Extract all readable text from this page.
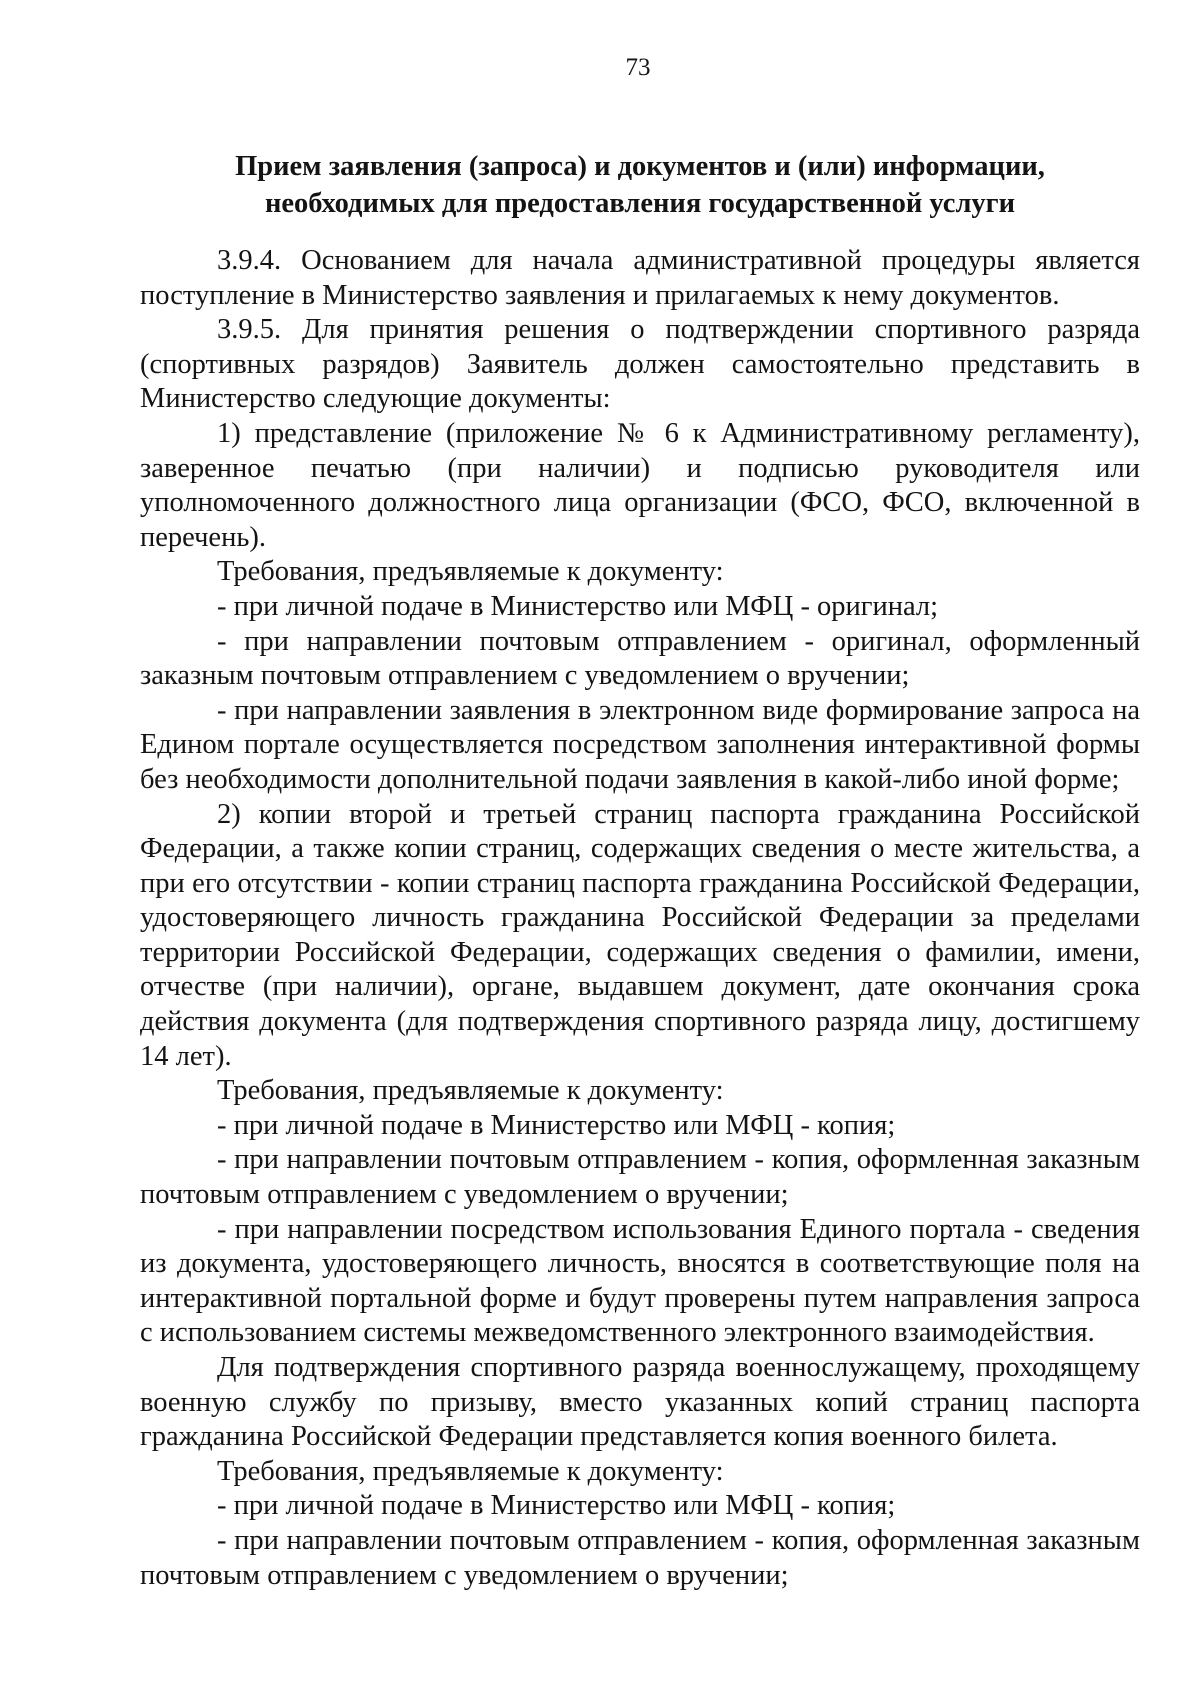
73
Прием заявления (запроса) и документов и (или) информации,
необходимых для предоставления государственной услуги

3.9.4. Основанием для начала административной процедуры является поступление в Министерство заявления и прилагаемых к нему документов.

3.9.5. Для принятия решения о подтверждении спортивного разряда (спортивных разрядов) Заявитель должен самостоятельно представить в Министерство следующие документы:

1) представление (приложение № 6 к Административному регламенту), заверенное печатью (при наличии) и подписью руководителя или уполномоченного должностного лица организации (ФСО, ФСО, включенной в перечень).

Требования, предъявляемые к документу:

- при личной подаче в Министерство или МФЦ - оригинал;

- при направлении почтовым отправлением - оригинал, оформленный заказным почтовым отправлением с уведомлением о вручении;

- при направлении заявления в электронном виде формирование запроса на Едином портале осуществляется посредством заполнения интерактивной формы без необходимости дополнительной подачи заявления в какой-либо иной форме;

2) копии второй и третьей страниц паспорта гражданина Российской Федерации, а также копии страниц, содержащих сведения о месте жительства, а при его отсутствии - копии страниц паспорта гражданина Российской Федерации, удостоверяющего личность гражданина Российской Федерации за пределами территории Российской Федерации, содержащих сведения о фамилии, имени, отчестве (при наличии), органе, выдавшем документ, дате окончания срока действия документа (для подтверждения спортивного разряда лицу, достигшему 14 лет).

Требования, предъявляемые к документу:

- при личной подаче в Министерство или МФЦ - копия;

- при направлении почтовым отправлением - копия, оформленная заказным почтовым отправлением с уведомлением о вручении;

- при направлении посредством использования Единого портала - сведения из документа, удостоверяющего личность, вносятся в соответствующие поля на интерактивной портальной форме и будут проверены путем направления запроса с использованием системы межведомственного электронного взаимодействия.

Для подтверждения спортивного разряда военнослужащему, проходящему военную службу по призыву, вместо указанных копий страниц паспорта гражданина Российской Федерации представляется копия военного билета.

Требования, предъявляемые к документу:

- при личной подаче в Министерство или МФЦ - копия;

- при направлении почтовым отправлением - копия, оформленная заказным почтовым отправлением с уведомлением о вручении;
